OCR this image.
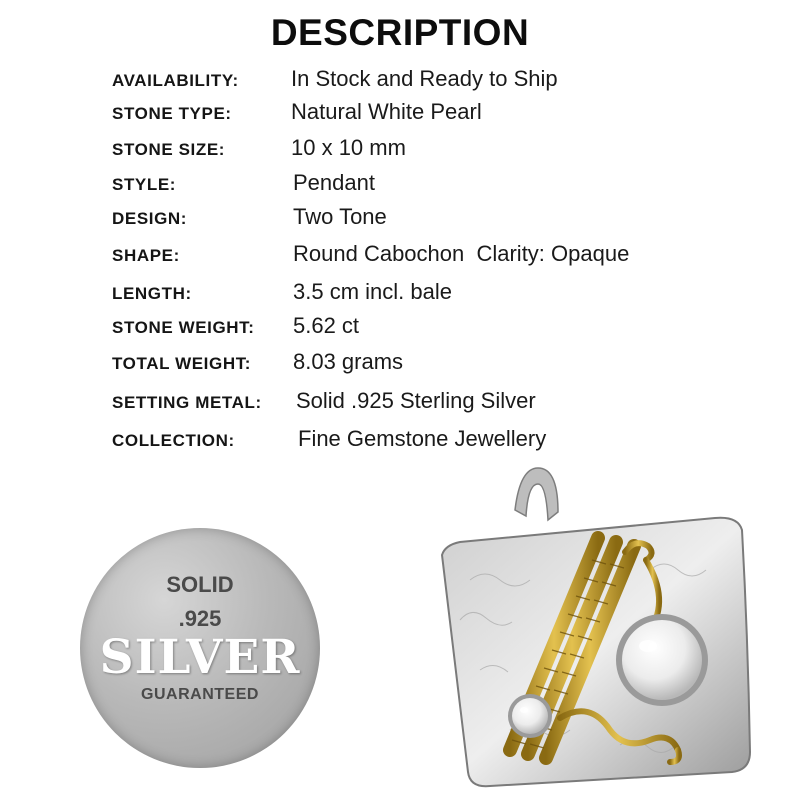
DESCRIPTION
AVAILABILITY: In Stock and Ready to Ship
STONE TYPE:	Natural White Pearl
STONE SIZE:	10 x 10 mm
STYLE:	Pendant
DESIGN:	Two Tone
SHAPE:	Round Cabochon  Clarity: Opaque
LENGTH:	3.5 cm incl. bale
STONE WEIGHT: 5.62 ct
TOTAL WEIGHT: 8.03 grams
SETTING METAL: Solid .925 Sterling Silver
COLLECTION:	Fine Gemstone Jewellery
SOLID
.925
SILVER
GUARANTEED
